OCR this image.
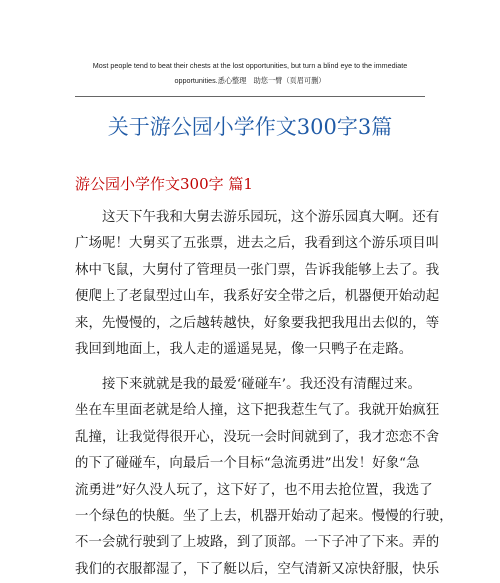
Most people tend to beat their chests at the lost opportunities, but turn a blind eye to the immediate

opportunities.悉心整理　助您一臂（页眉可删）
关于游公园小学作文300字3篇
游公园小学作文300字 篇1
这天下午我和大舅去游乐园玩，这个游乐园真大啊。还有
广场呢！大舅买了五张票，进去之后，我看到这个游乐项目叫
林中飞鼠，大舅付了管理员一张门票，告诉我能够上去了。我
便爬上了老鼠型过山车，我系好安全带之后，机器便开始动起
来，先慢慢的，之后越转越快，好象要我把我甩出去似的，等
我回到地面上，我人走的遥遥晃晃，像一只鸭子在走路。
接下来就就是我的最爱‘碰碰车’。我还没有清醒过来。
坐在车里面老就是给人撞，这下把我惹生气了。我就开始疯狂
乱撞，让我觉得很开心，没玩一会时间就到了，我才恋恋不舍
的下了碰碰车，向最后一个目标“急流勇进”出发！好象“急
流勇进”好久没人玩了，这下好了，也不用去抢位置，我选了
一个绿色的快艇。坐了上去，机器开始动了起来。慢慢的行驶，
不一会就行驶到了上坡路，到了顶部。一下子冲了下来。弄的
我们的衣服都湿了，下了艇以后，空气清新又凉快舒服，快乐
